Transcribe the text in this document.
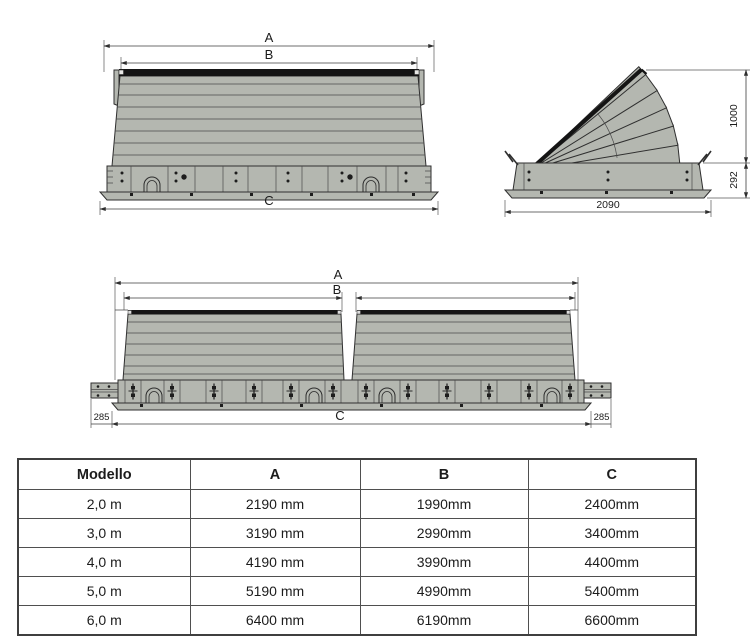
A
B
C
1000
292
2090
A
B
285	C	285
Modello	A	B	C
2,0 m	2190 mm	1990mm	2400mm
3,0 m	3190 mm	2990mm	3400mm
4,0 m	4190 mm	3990mm	4400mm
5,0 m	5190 mm	4990mm	5400mm
6,0 m	6400 mm	6190mm	6600mm
